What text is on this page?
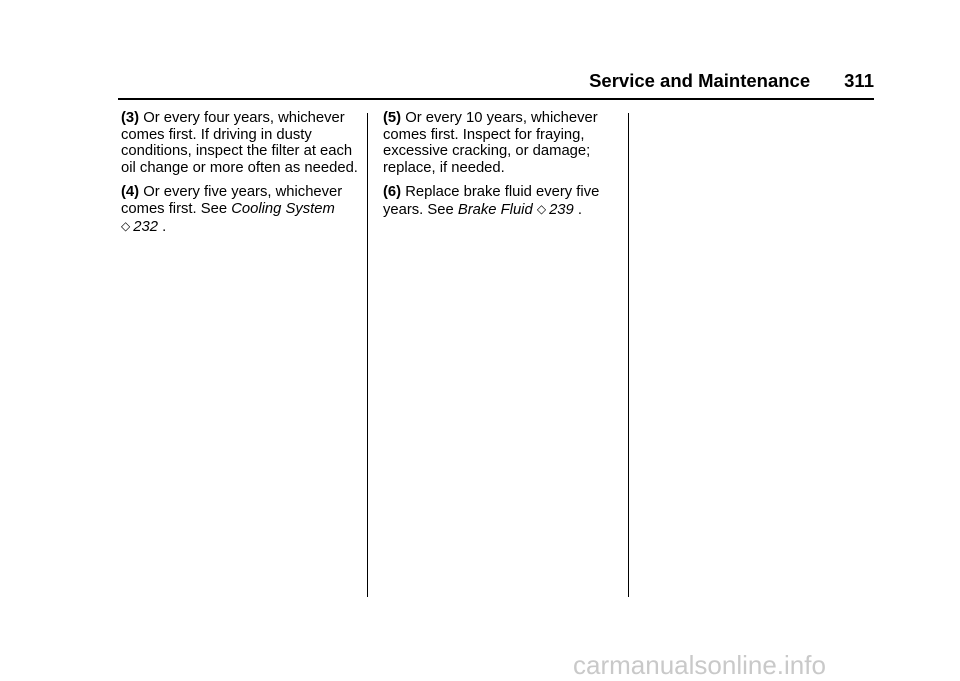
Service and Maintenance 311

(3) Or every four years, whichever
comes first. If driving in dusty
conditions, inspect the filter at each
oil change or more often as needed.

(4) Or every five years, whichever
comes first. See Cooling System
◇ 232 .

(5) Or every 10 years, whichever
comes first. Inspect for fraying,
excessive cracking, or damage;
replace, if needed.

(6) Replace brake fluid every five
years. See Brake Fluid ◇ 239 .

carmanualsonline.info
